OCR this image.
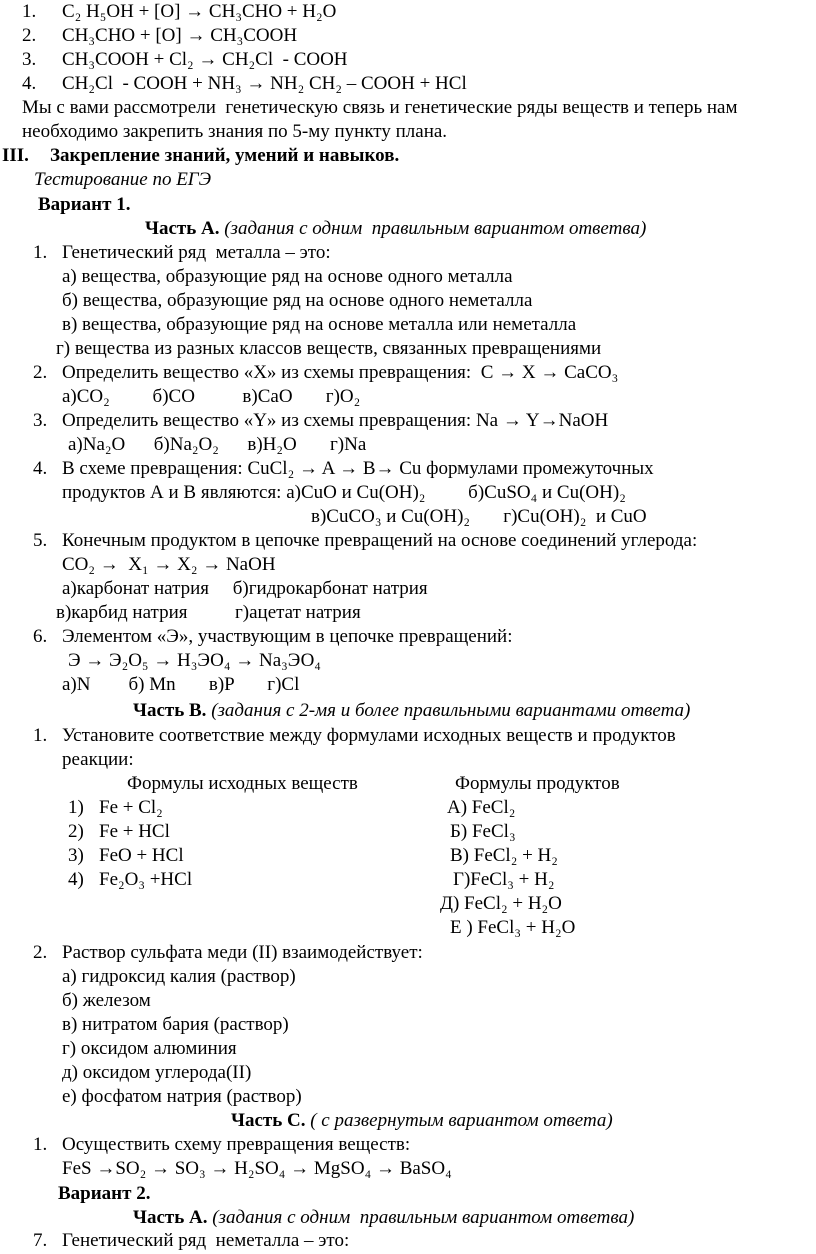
1. C₂ H₅OH + [O] → CH₃CHO + H₂O
2. CH₃CHO + [O] → CH₃COOH
3. CH₃COOH + Cl₂ → CH₂Cl  - COOH
4. CH₂Cl  - COOH + NH₃ → NH₂ CH₂ – COOH + HCl
Мы с вами рассмотрели  генетическую связь и генетические ряды веществ и теперь нам
необходимо закрепить знания по 5-му пункту плана.
III. Закрепление знаний, умений и навыков.
Тестирование по ЕГЭ
Вариант 1.
Часть А. (задания с одним  правильным вариантом ответва)
1. Генетический ряд  металла – это:
а) вещества, образующие ряд на основе одного металла
б) вещества, образующие ряд на основе одного неметалла
в) вещества, образующие ряд на основе металла или неметалла
г) вещества из разных классов веществ, связанных превращениями
2. Определить вещество «Х» из схемы превращения:  С → Х → СаСО₃
а)СО₂         б)СО          в)СаО       г)О₂
3. Определить вещество «Y» из схемы превращения: Na → Y→NaOH
а)Na₂O      б)Na₂O₂      в)H₂O       г)Na
4. В схеме превращения: CuCl₂ → A → B→ Cu формулами промежуточных
продуктов А и В являются: а)CuO и Cu(OH)₂         б)CuSO₄ и Cu(OH)₂
в)CuCO₃ и Cu(OH)₂       г)Cu(OH)₂  и CuO
5. Конечным продуктом в цепочке превращений на основе соединений углерода:
CO₂ →  X₁ → X₂ → NaOH
а)карбонат натрия     б)гидрокарбонат натрия
в)карбид натрия          г)ацетат натрия
6. Элементом «Э», участвующим в цепочке превращений:
Э → Э₂О₅ → Н₃ЭО₄ → Na₃ЭО₄
а)N        б) Mn       в)P       г)Cl
Часть В. (задания с 2-мя и более правильными вариантами ответа)
1. Установите соответствие между формулами исходных веществ и продуктов
реакции:
Формулы исходных веществ	Формулы продуктов
1) Fe + Cl₂
2) Fe + HCl
3) FeO + HCl
4) Fe₂O₃ +HCl
А) FeCl₂
Б) FeCl₃
В) FeCl₂ + H₂
Г)FeCl₃ + H₂
Д) FeCl₂ + H₂O
Е ) FeCl₃ + H₂O
2. Раствор сульфата меди (II) взаимодействует:
а) гидроксид калия (раствор)
б) железом
в) нитратом бария (раствор)
г) оксидом алюминия
д) оксидом углерода(II)
е) фосфатом натрия (раствор)
Часть С. ( с развернутым вариантом ответа)
1. Осуществить схему превращения веществ:
FeS →SO₂ → SO₃ → H₂SO₄ → MgSO₄ → BaSO₄
Вариант 2.
Часть А. (задания с одним  правильным вариантом ответва)
7. Генетический ряд  неметалла – это:
